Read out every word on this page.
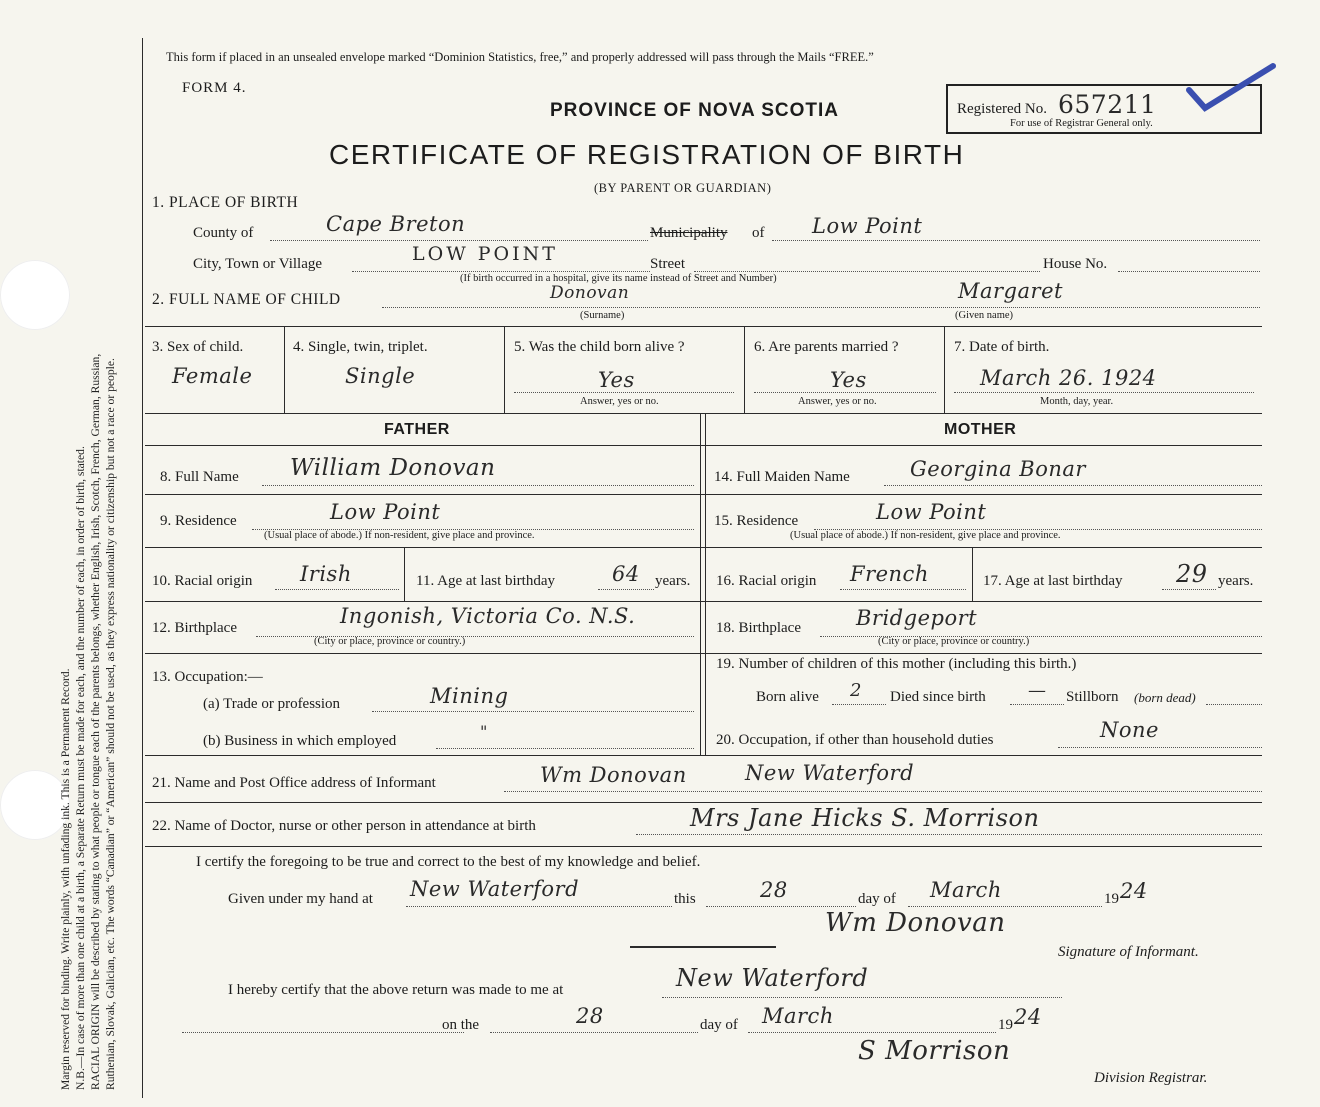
Margin reserved for binding. Write plainly, with unfading ink. This is a Permanent Record. N.B.—In case of more than one child at a birth, a Separate Return must be made for each, and the number of each, in order of birth, stated. RACIAL ORIGIN will be described by stating to what people or tongue each of the parents belongs, whether English, Irish, Scotch, French, German, Russian, Ruthenian, Slovak, Galician, etc. The words “Canadian” or “American” should not be used, as they express nationality or citizenship but not a race or people.
This form if placed in an unsealed envelope marked “Dominion Statistics, free,” and properly addressed will pass through the Mails “FREE.”
FORM 4.
PROVINCE OF NOVA SCOTIA
CERTIFICATE OF REGISTRATION OF BIRTH
(BY PARENT OR GUARDIAN)
Registered No. 657211
For use of Registrar General only.
1. PLACE OF BIRTH
County of	Cape Breton	Municipality of Low Point
City, Town or Village	LOW POINT	Street	House No.
(If birth occurred in a hospital, give its name instead of Street and Number)
2. FULL NAME OF CHILD	Donovan
(Surname)
Margaret
(Given name)
3. Sex of child.
Female
4. Single, twin, triplet.
Single
5. Was the child born alive ?
Yes
Answer, yes or no.
6. Are parents married ?
Yes
Answer, yes or no.
7. Date of birth.
March 26. 1924
Month, day, year.
FATHER	MOTHER
8. Full Name William Donovan
9. Residence	Low Point
(Usual place of abode.) If non-resident, give place and province.
10. Racial origin Irish	11. Age at last birthday	64 years.
12. Birthplace	Ingonish, Victoria Co. N.S.
(City or place, province or country.)
13. Occupation:—
(a) Trade or profession	Mining
(b) Business in which employed	"
14. Full Maiden Name	Georgina Bonar
15. Residence	Low Point
(Usual place of abode.) If non-resident, give place and province.
16. Racial origin French	17. Age at last birthday 29 years.
18. Birthplace	Bridgeport
(City or place, province or country.)
19. Number of children of this mother (including this birth.)
Born alive 2 Died since birth — Stillborn (born dead)
20. Occupation, if other than household duties	None
21. Name and Post Office address of Informant	Wm Donovan	New Waterford
22. Name of Doctor, nurse or other person in attendance at birth	Mrs Jane Hicks S. Morrison
I certify the foregoing to be true and correct to the best of my knowledge and belief.
Given under my hand at New Waterford	this	28	day of March	19 24
Wm Donovan
Signature of Informant.
I hereby certify that the above return was made to me at	New Waterford
on the	28	day of March	19 24
S Morrison
Division Registrar.
